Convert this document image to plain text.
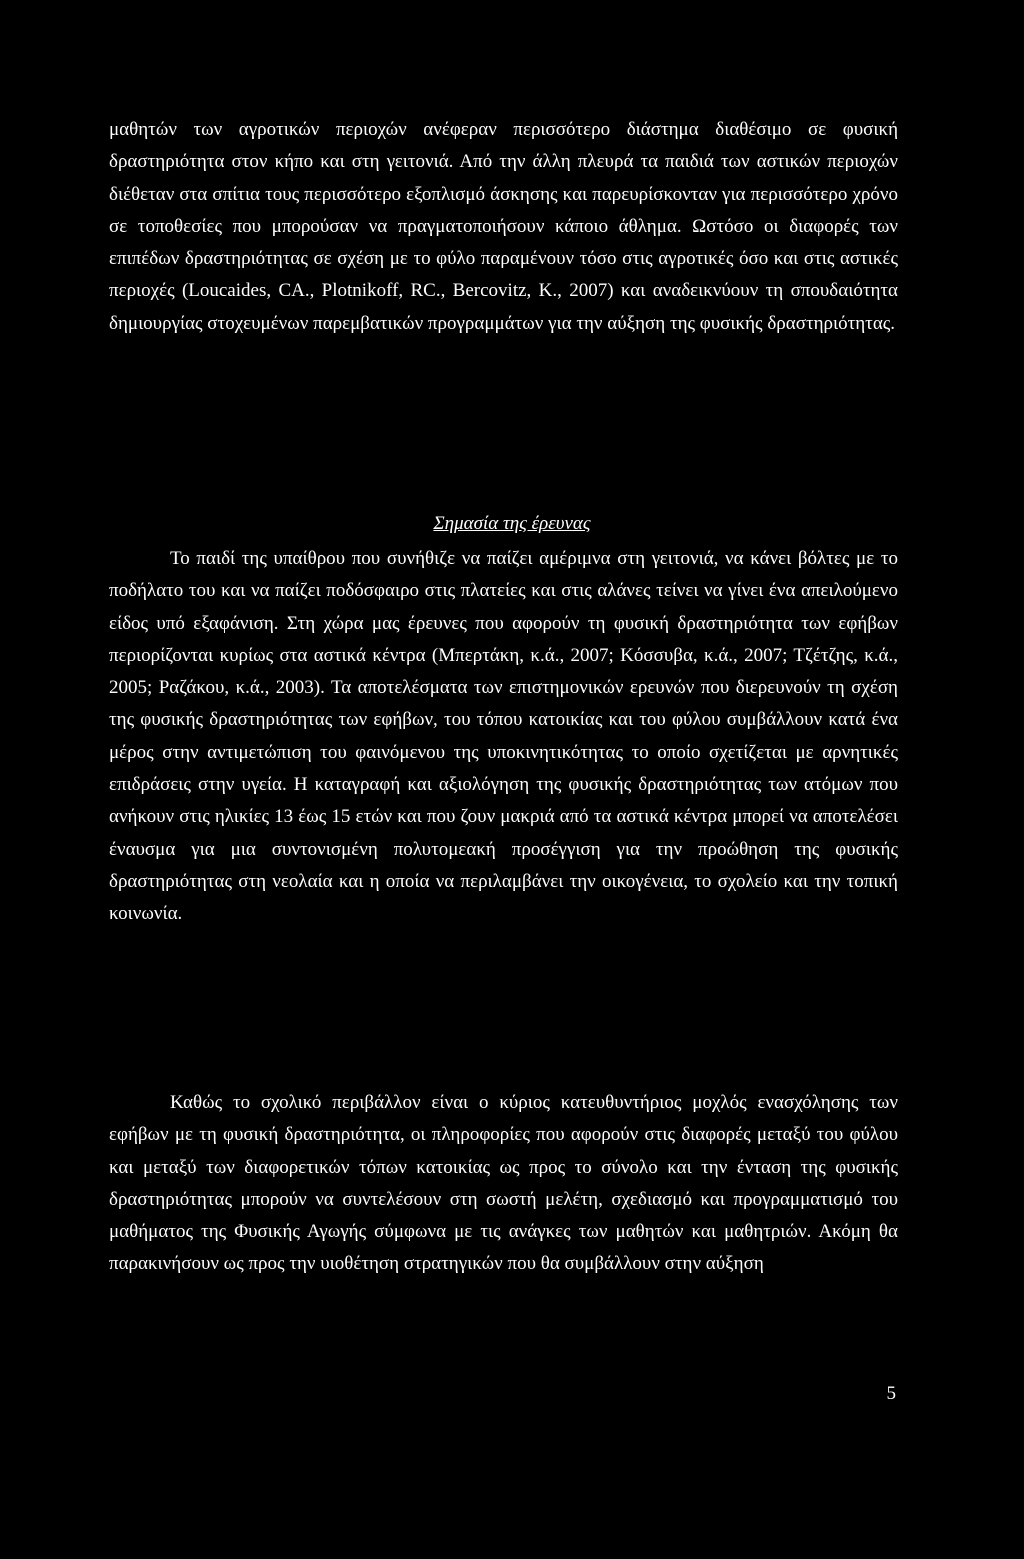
μαθητών των αγροτικών περιοχών ανέφεραν περισσότερο διάστημα διαθέσιμο σε φυσική δραστηριότητα στον κήπο και στη γειτονιά. Από την άλλη πλευρά τα παιδιά των αστικών περιοχών διέθεταν στα σπίτια τους περισσότερο εξοπλισμό άσκησης και παρευρίσκονταν για περισσότερο χρόνο σε τοποθεσίες που μπορούσαν να πραγματοποιήσουν κάποιο άθλημα. Ωστόσο οι διαφορές των επιπέδων δραστηριότητας σε σχέση με το φύλο παραμένουν τόσο στις αγροτικές όσο και στις αστικές περιοχές (Loucaides, CA., Plotnikoff, RC., Bercovitz, K., 2007) και αναδεικνύουν τη σπουδαιότητα δημιουργίας στοχευμένων παρεμβατικών προγραμμάτων για την αύξηση της φυσικής δραστηριότητας.

Σημασία της έρευνας

Το παιδί της υπαίθρου που συνήθιζε να παίζει αμέριμνα στη γειτονιά, να κάνει βόλτες με το ποδήλατο του και να παίζει ποδόσφαιρο στις πλατείες και στις αλάνες τείνει να γίνει ένα απειλούμενο είδος υπό εξαφάνιση. Στη χώρα μας έρευνες που αφορούν τη φυσική δραστηριότητα των εφήβων περιορίζονται κυρίως στα αστικά κέντρα (Μπερτάκη, κ.ά., 2007; Κόσσυβα, κ.ά., 2007; Τζέτζης, κ.ά., 2005; Ραζάκου, κ.ά., 2003). Τα αποτελέσματα των επιστημονικών ερευνών που διερευνούν τη σχέση της φυσικής δραστηριότητας των εφήβων, του τόπου κατοικίας και του φύλου συμβάλλουν κατά ένα μέρος στην αντιμετώπιση του φαινόμενου της υποκινητικότητας το οποίο σχετίζεται με αρνητικές επιδράσεις στην υγεία. Η καταγραφή και αξιολόγηση της φυσικής δραστηριότητας των ατόμων που ανήκουν στις ηλικίες 13 έως 15 ετών και που ζουν μακριά από τα αστικά κέντρα μπορεί να αποτελέσει έναυσμα για μια συντονισμένη πολυτομεακή προσέγγιση για την προώθηση της φυσικής δραστηριότητας στη νεολαία και η οποία να περιλαμβάνει την οικογένεια, το σχολείο και την τοπική κοινωνία.

Καθώς το σχολικό περιβάλλον είναι ο κύριος κατευθυντήριος μοχλός ενασχόλησης των εφήβων με τη φυσική δραστηριότητα, οι πληροφορίες που αφορούν στις διαφορές μεταξύ του φύλου και μεταξύ των διαφορετικών τόπων κατοικίας ως προς το σύνολο και την ένταση της φυσικής δραστηριότητας μπορούν να συντελέσουν στη σωστή μελέτη, σχεδιασμό και προγραμματισμό του μαθήματος της Φυσικής Αγωγής σύμφωνα με τις ανάγκες των μαθητών και μαθητριών. Ακόμη θα παρακινήσουν ως προς την υιοθέτηση στρατηγικών που θα συμβάλλουν στην αύξηση

5
